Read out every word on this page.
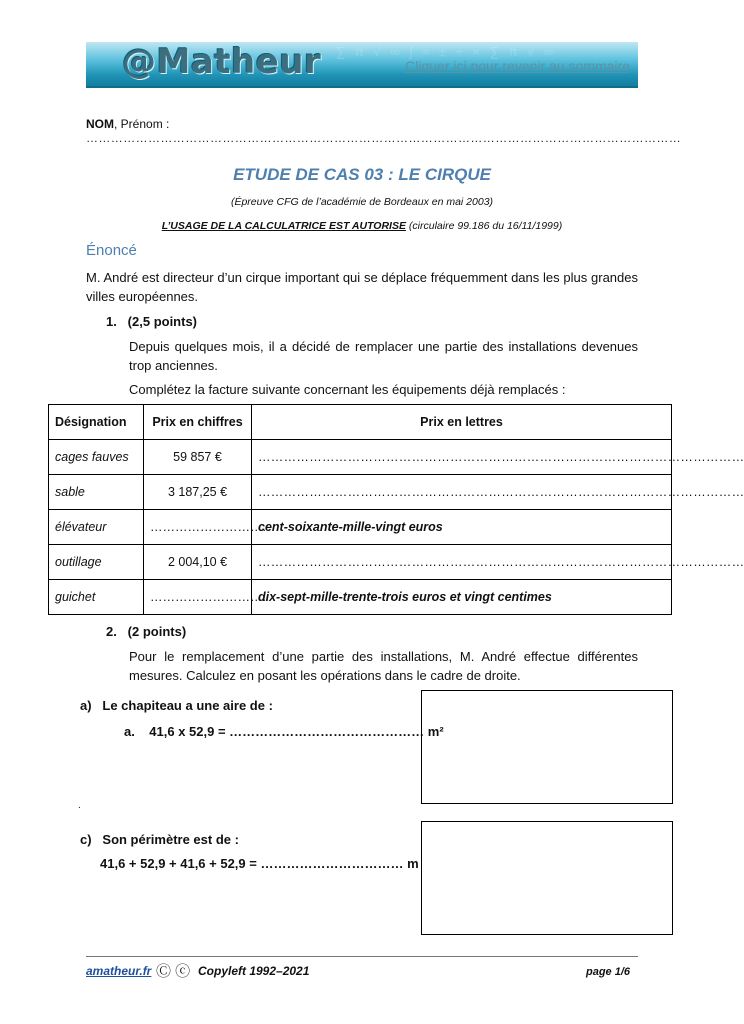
∑ π √ ∞ ∫ ≈ ± ÷ × ∑ π √ ∞
@Matheur	Cliquer ici pour revenir au sommaire
NOM, Prénom : ………………………………………………………………………………………………………………………………
ETUDE DE CAS 03 : LE CIRQUE
(Épreuve CFG de l’académie de Bordeaux en mai 2003)
L’USAGE DE LA CALCULATRICE EST AUTORISE (circulaire 99.186 du 16/11/1999)
Énoncé
M. André est directeur d’un cirque important qui se déplace fréquemment dans les plus grandes villes européennes.
1.   (2,5 points)
Depuis quelques mois, il a décidé de remplacer une partie des installations devenues trop anciennes.
Complétez la facture suivante concernant les équipements déjà remplacés :
Désignation	Prix en chiffres	Prix en lettres
cages fauves	59 857 €	……………………………………………………………………………………………………
sable	3 187,25 €	……………………………………………………………………………………………………
élévateur	……………………….	cent-soixante-mille-vingt euros
outillage	2 004,10 €	……………………………………………………………………………………………………
guichet	……………………….	dix-sept-mille-trente-trois euros et vingt centimes
2.   (2 points)
Pour le remplacement d’une partie des installations, M. André effectue différentes mesures. Calculez en posant les opérations dans le cadre de droite.
a)   Le chapiteau a une aire de :
a.    41,6 x 52,9 = ……………………………………… m²
.
c)   Son périmètre est de :
41,6 + 52,9 + 41,6 + 52,9 = …………………………… m
amatheur.fr Ⓒ ⓒ Copyleft 1992–2021	page 1/6
